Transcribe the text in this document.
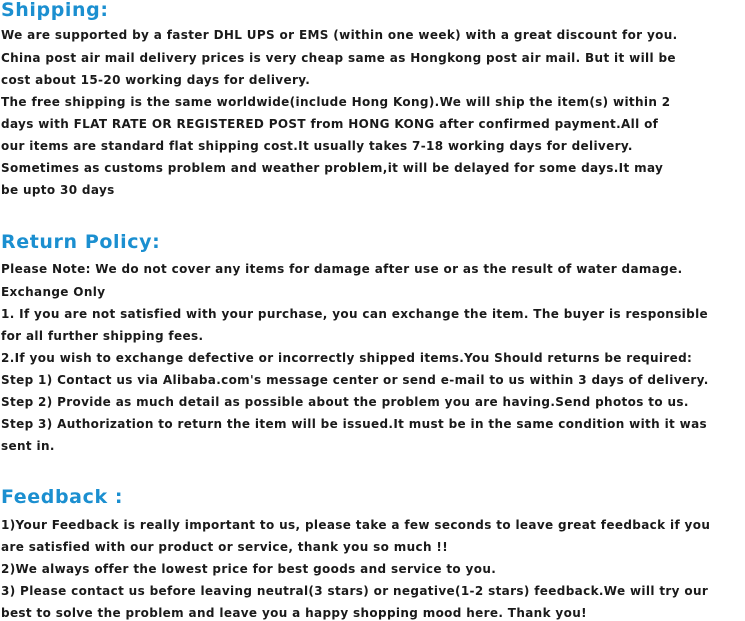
Shipping:

We are supported by a faster DHL UPS or EMS (within one week) with a great discount for you.

China post air mail delivery prices is very cheap same as Hongkong post air mail. But it will be

cost about 15-20 working days for delivery.

The free shipping is the same worldwide(include Hong Kong).We will ship the item(s) within 2

days with FLAT RATE OR REGISTERED POST from HONG KONG after confirmed payment.All of

our items are standard flat shipping cost.It usually takes 7-18 working days for delivery.

Sometimes as customs problem and weather problem,it will be delayed for some days.It may

be upto 30 days

Return Policy:

Please Note: We do not cover any items for damage after use or as the result of water damage.

Exchange Only

1. If you are not satisfied with your purchase, you can exchange the item. The buyer is responsible

for all further shipping fees.

2.If you wish to exchange defective or incorrectly shipped items.You Should returns be required:

Step 1) Contact us via Alibaba.com's message center or send e-mail to us within 3 days of delivery.

Step 2) Provide as much detail as possible about the problem you are having.Send photos to us.

Step 3) Authorization to return the item will be issued.It must be in the same condition with it was

sent in.

Feedback :

1)Your Feedback is really important to us, please take a few seconds to leave great feedback if you

are satisfied with our product or service, thank you so much !!

2)We always offer the lowest price for best goods and service to you.

3) Please contact us before leaving neutral(3 stars) or negative(1-2 stars) feedback.We will try our

best to solve the problem and leave you a happy shopping mood here. Thank you!
